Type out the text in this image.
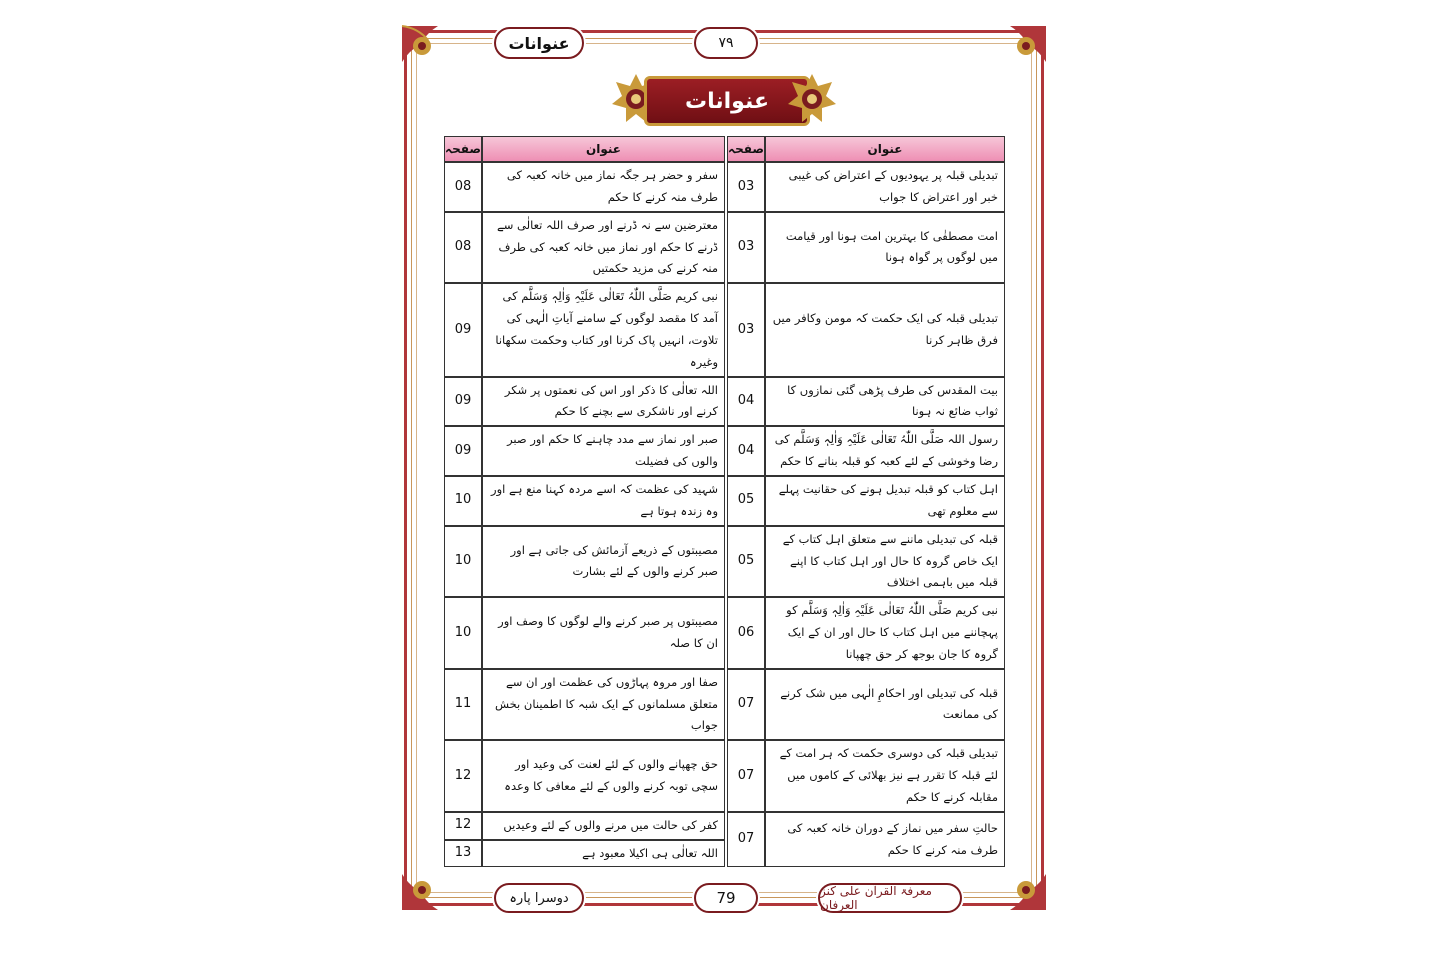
عنوانات	٧٩
عنوانات
عنوان	صفحہ		عنوان	صفحہ
تبدیلی قبلہ پر یہودیوں کے اعتراض کی غیبی خبر اور اعتراض کا جواب	03		سفر و حضر ہر جگہ نماز میں خانہ کعبہ کی طرف منہ کرنے کا حکم	08
امت مصطفٰی کا بہترین امت ہونا اور قیامت میں لوگوں پر گواہ ہونا	03		معترضین سے نہ ڈرنے اور صرف اللہ تعالٰی سے ڈرنے کا حکم اور نماز میں خانہ کعبہ کی طرف منہ کرنے کی مزید حکمتیں	08
تبدیلی قبلہ کی ایک حکمت کہ مومن وکافر میں فرق ظاہر کرنا	03		نبی کریم صَلَّی اللّٰہُ تَعَالٰی عَلَیْہِ وَاٰلِہٖ وَسَلَّم کی آمد کا مقصد لوگوں کے سامنے آیاتِ الٰہی کی تلاوت، انہیں پاک کرنا اور کتاب وحکمت سکھانا وغیرہ	09
بیت المقدس کی طرف پڑھی گئی نمازوں کا ثواب ضائع نہ ہونا	04		اللہ تعالٰی کا ذکر اور اس کی نعمتوں پر شکر کرنے اور ناشکری سے بچنے کا حکم	09
رسول اللہ صَلَّی اللّٰہُ تَعَالٰی عَلَیْہِ وَاٰلِہٖ وَسَلَّم کی رضا وخوشی کے لئے کعبہ کو قبلہ بنانے کا حکم	04		صبر اور نماز سے مدد چاہنے کا حکم اور صبر والوں کی فضیلت	09
اہل کتاب کو قبلہ تبدیل ہونے کی حقانیت پہلے سے معلوم تھی	05		شہید کی عظمت کہ اسے مردہ کہنا منع ہے اور وہ زندہ ہوتا ہے	10
قبلہ کی تبدیلی ماننے سے متعلق اہل کتاب کے ایک خاص گروہ کا حال اور اہل کتاب کا اپنے قبلہ میں باہمی اختلاف	05		مصیبتوں کے ذریعے آزمائش کی جاتی ہے اور صبر کرنے والوں کے لئے بشارت	10
نبی کریم صَلَّی اللّٰہُ تَعَالٰی عَلَیْہِ وَاٰلِہٖ وَسَلَّم کو پہچاننے میں اہل کتاب کا حال اور ان کے ایک گروہ کا جان بوجھ کر حق چھپانا	06		مصیبتوں پر صبر کرنے والے لوگوں کا وصف اور ان کا صلہ	10
قبلہ کی تبدیلی اور احکامِ الٰہی میں شک کرنے کی ممانعت	07		صفا اور مروہ پہاڑوں کی عظمت اور ان سے متعلق مسلمانوں کے ایک شبہ کا اطمینان بخش جواب	11
تبدیلی قبلہ کی دوسری حکمت کہ ہر امت کے لئے قبلہ کا تقرر ہے نیز بھلائی کے کاموں میں مقابلہ کرنے کا حکم	07		حق چھپانے والوں کے لئے لعنت کی وعید اور سچی توبہ کرنے والوں کے لئے معافی کا وعدہ	12
حالتِ سفر میں نماز کے دوران خانہ کعبہ کی طرف منہ کرنے کا حکم	07		کفر کی حالت میں مرنے والوں کے لئے وعیدیں	12
			اللہ تعالٰی ہی اکیلا معبود ہے	13
دوسرا پارہ	79	معرفۃ القرآن علی کنز العرفان
